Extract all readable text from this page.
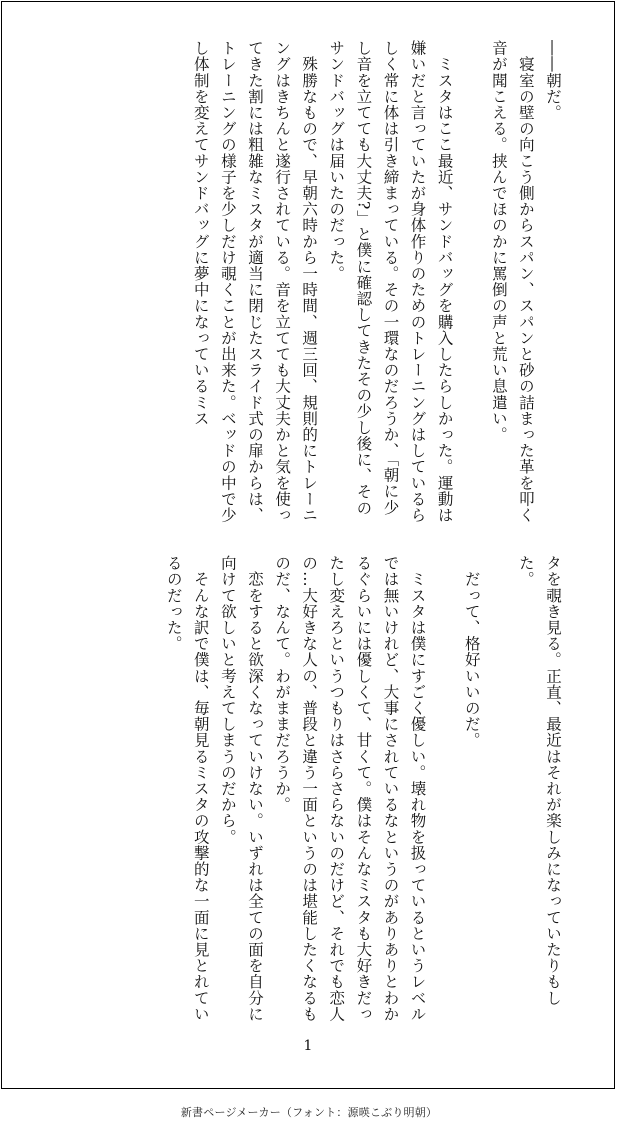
――朝だ。

　寝室の壁の向こう側からスパン、スパンと砂の詰まった革を叩く音が聞こえる。挟んでほのかに罵倒の声と荒い息遣い。

　ミスタはここ最近、サンドバッグを購入したらしかった。運動は嫌いだと言っていたが身体作りのためのトレーニングはしているらしく常に体は引き締まっている。その一環なのだろうか、「朝に少し音を立てても大丈夫?」と僕に確認してきたその少し後に、そのサンドバッグは届いたのだった。

　殊勝なもので、早朝六時から一時間、週三回、規則的にトレーニングはきちんと遂行されている。音を立てても大丈夫かと気を使ってきた割には粗雑なミスタが適当に閉じたスライド式の扉からは、トレーニングの様子を少しだけ覗くことが出来た。ベッドの中で少し体制を変えてサンドバッグに夢中になっているミス

タを覗き見る。正直、最近はそれが楽しみになっていたりもした。

　だって、格好いいのだ。

　ミスタは僕にすごく優しい。壊れ物を扱っているというレベルでは無いけれど、大事にされているなというのがありありとわかるぐらいには優しくて、甘くて。僕はそんなミスタも大好きだったし変えろというつもりはさらさらないのだけど、それでも恋人の…大好きな人の、普段と違う一面というのは堪能したくなるものだ、なんて。わがままだろうか。

　恋をすると欲深くなっていけない。いずれは全ての面を自分に向けて欲しいと考えてしまうのだから。

　そんな訳で僕は、毎朝見るミスタの攻撃的な一面に見とれているのだった。

1
新書ページメーカー（フォント：源暎こぶり明朝）
